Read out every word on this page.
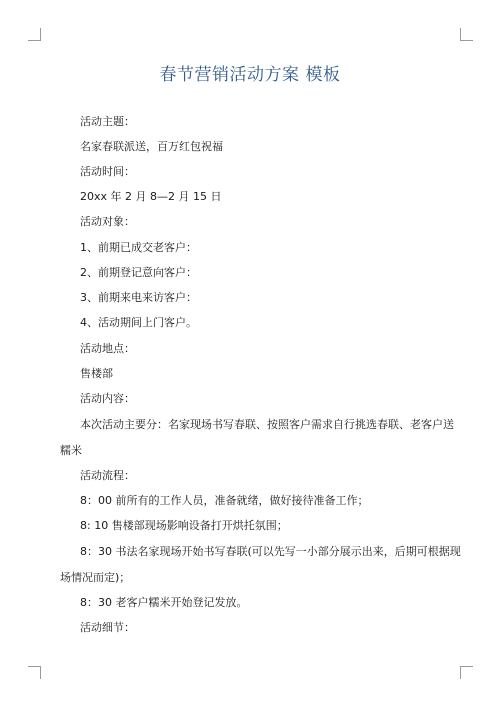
春节营销活动方案 模板
活动主题：
名家春联派送，百万红包祝福
活动时间：
20xx 年 2 月 8—2 月 15 日
活动对象：
1、前期已成交老客户：
2、前期登记意向客户：
3、前期来电来访客户：
4、活动期间上门客户。
活动地点：
售楼部
活动内容：
本次活动主要分：名家现场书写春联、按照客户需求自行挑选春联、老客户送糯米
活动流程：
8：00 前所有的工作人员，准备就绪，做好接待准备工作；
8: 10 售楼部现场影响设备打开烘托氛围；
8：30 书法名家现场开始书写春联(可以先写一小部分展示出来，后期可根据现场情况而定)；
8：30 老客户糯米开始登记发放。
活动细节：
